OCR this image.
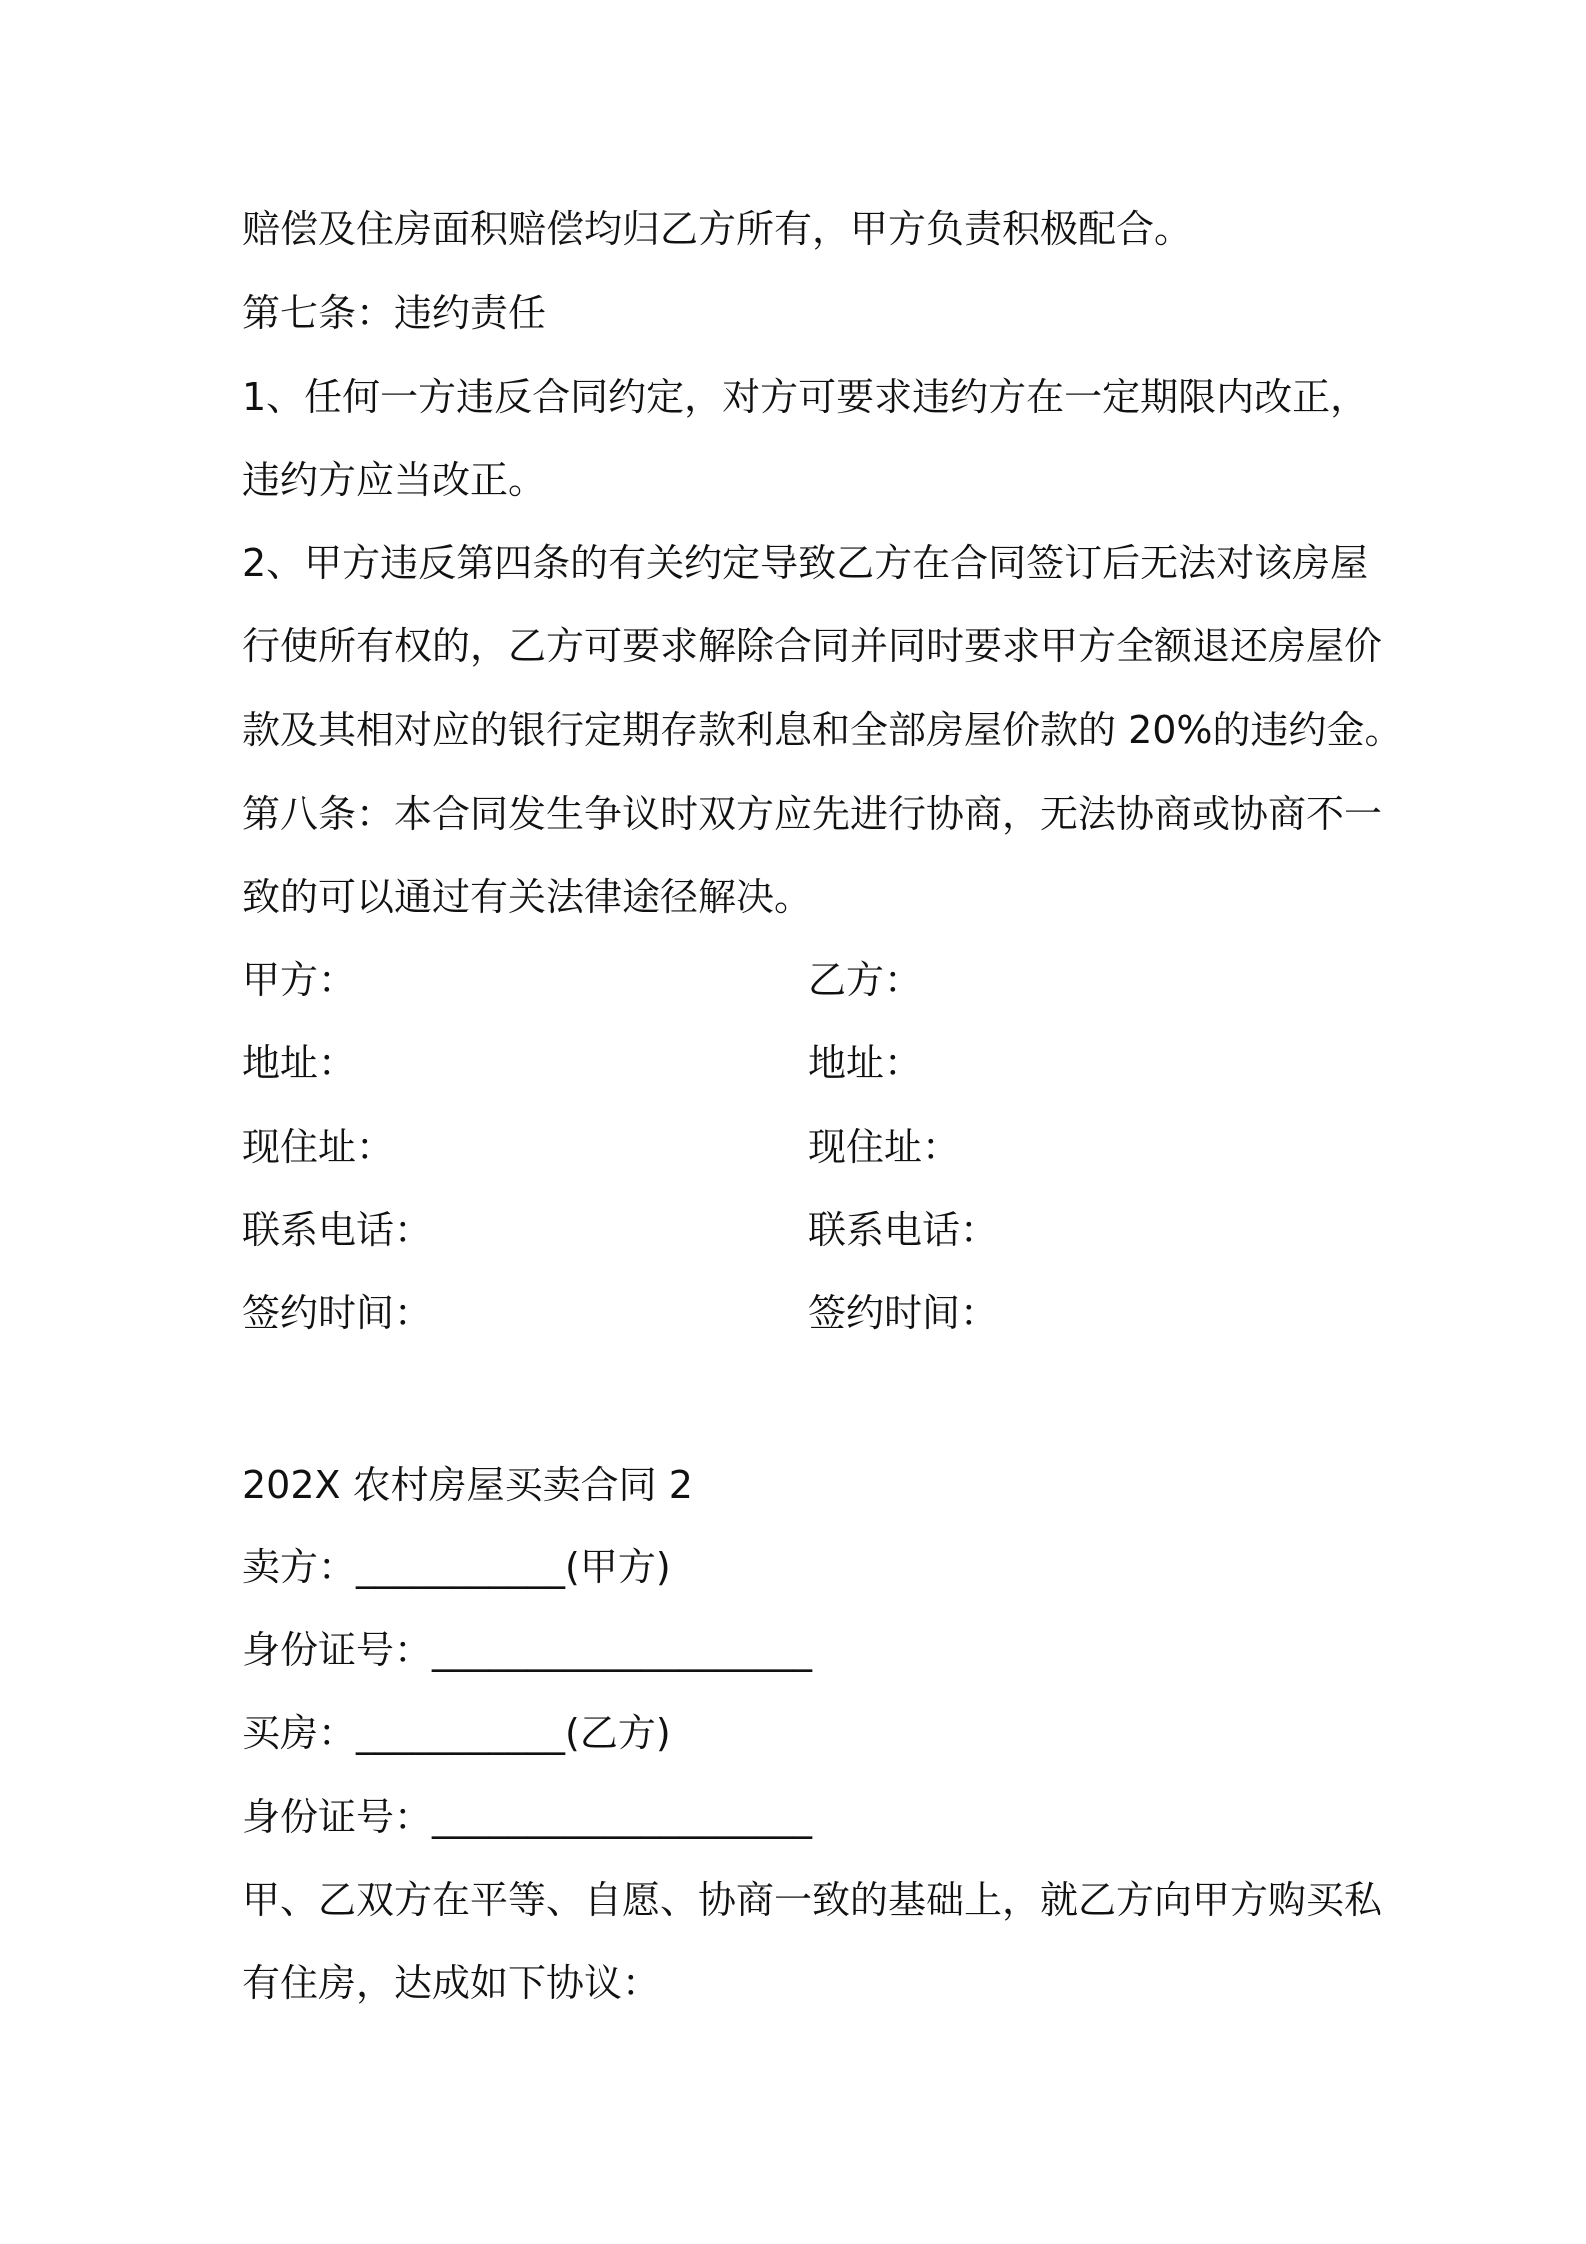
赔偿及住房面积赔偿均归乙方所有，甲方负责积极配合。
第七条：违约责任
1、任何一方违反合同约定，对方可要求违约方在一定期限内改正，
违约方应当改正。
2、甲方违反第四条的有关约定导致乙方在合同签订后无法对该房屋
行使所有权的，乙方可要求解除合同并同时要求甲方全额退还房屋价
款及其相对应的银行定期存款利息和全部房屋价款的 20%的违约金。
第八条：本合同发生争议时双方应先进行协商，无法协商或协商不一
致的可以通过有关法律途径解决。
甲方：	乙方：
地址：	地址：
现住址：	现住址：
联系电话：	联系电话：
签约时间：	签约时间：
202X 农村房屋买卖合同 2
卖方：___________(甲方)
身份证号：____________________
买房：___________(乙方)
身份证号：____________________
甲、乙双方在平等、自愿、协商一致的基础上，就乙方向甲方购买私
有住房，达成如下协议：
